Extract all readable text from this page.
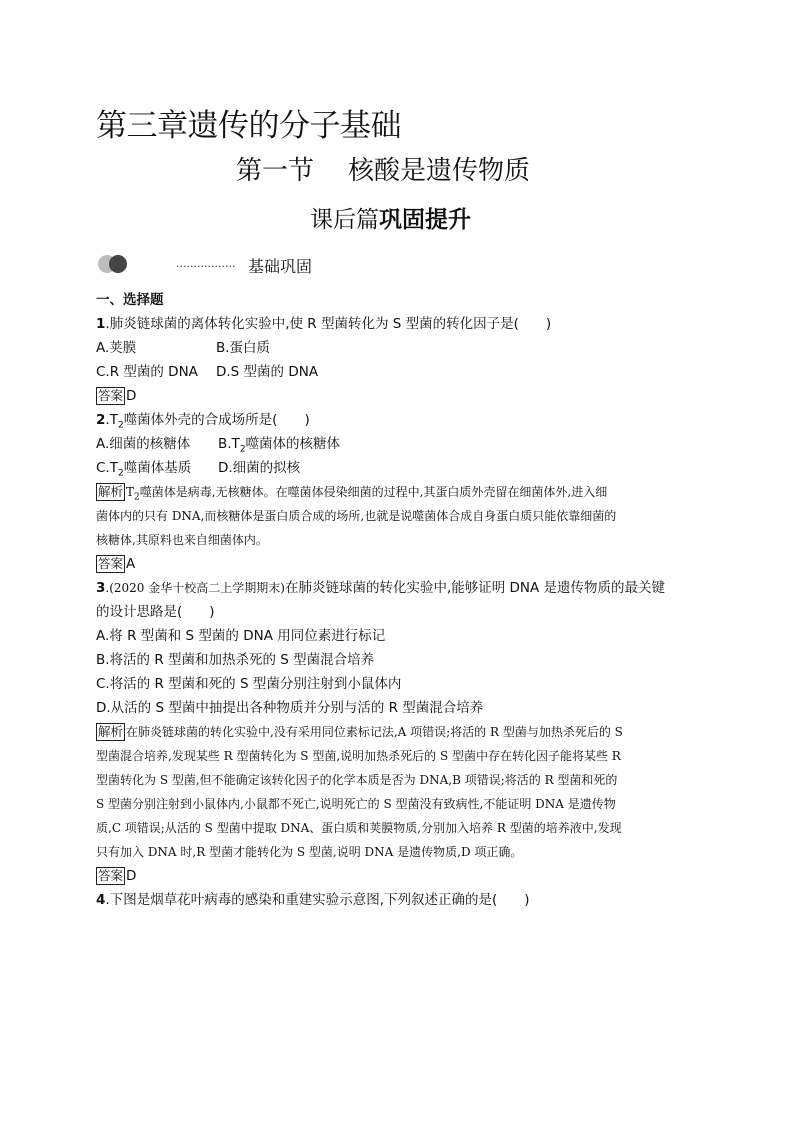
第三章遗传的分子基础
第一节 核酸是遗传物质
课后篇巩固提升
················· 基础巩固
一、选择题
1.肺炎链球菌的离体转化实验中,使 R 型菌转化为 S 型菌的转化因子是(　　)
A.荚膜	B.蛋白质
C.R 型菌的 DNA D.S 型菌的 DNA
答案 D
$2.T_2$噬菌体外壳的合成场所是(　　)
A.细菌的核糖体 $B.T_2$噬菌体的核糖体
$C.T_2$噬菌体基质 D.细菌的拟核
解析 $T_2$噬菌体是病毒,无核糖体。在噬菌体侵染细菌的过程中,其蛋白质外壳留在细菌体外,进入细
菌体内的只有 DNA,而核糖体是蛋白质合成的场所,也就是说噬菌体合成自身蛋白质只能依靠细菌的
核糖体,其原料也来自细菌体内。
答案 A
3.(2020 金华十校高二上学期期末)在肺炎链球菌的转化实验中,能够证明 DNA 是遗传物质的最关键
的设计思路是(　　)
A.将 R 型菌和 S 型菌的 DNA 用同位素进行标记
B.将活的 R 型菌和加热杀死的 S 型菌混合培养
C.将活的 R 型菌和死的 S 型菌分别注射到小鼠体内
D.从活的 S 型菌中抽提出各种物质并分别与活的 R 型菌混合培养
解析 在肺炎链球菌的转化实验中,没有采用同位素标记法,A 项错误;将活的 R 型菌与加热杀死后的 S
型菌混合培养,发现某些 R 型菌转化为 S 型菌,说明加热杀死后的 S 型菌中存在转化因子能将某些 R
型菌转化为 S 型菌,但不能确定该转化因子的化学本质是否为 DNA,B 项错误;将活的 R 型菌和死的
S 型菌分别注射到小鼠体内,小鼠都不死亡,说明死亡的 S 型菌没有致病性,不能证明 DNA 是遗传物
质,C 项错误;从活的 S 型菌中提取 DNA、蛋白质和荚膜物质,分别加入培养 R 型菌的培养液中,发现
只有加入 DNA 时,R 型菌才能转化为 S 型菌,说明 DNA 是遗传物质,D 项正确。
答案 D
4.下图是烟草花叶病毒的感染和重建实验示意图,下列叙述正确的是(　　)
